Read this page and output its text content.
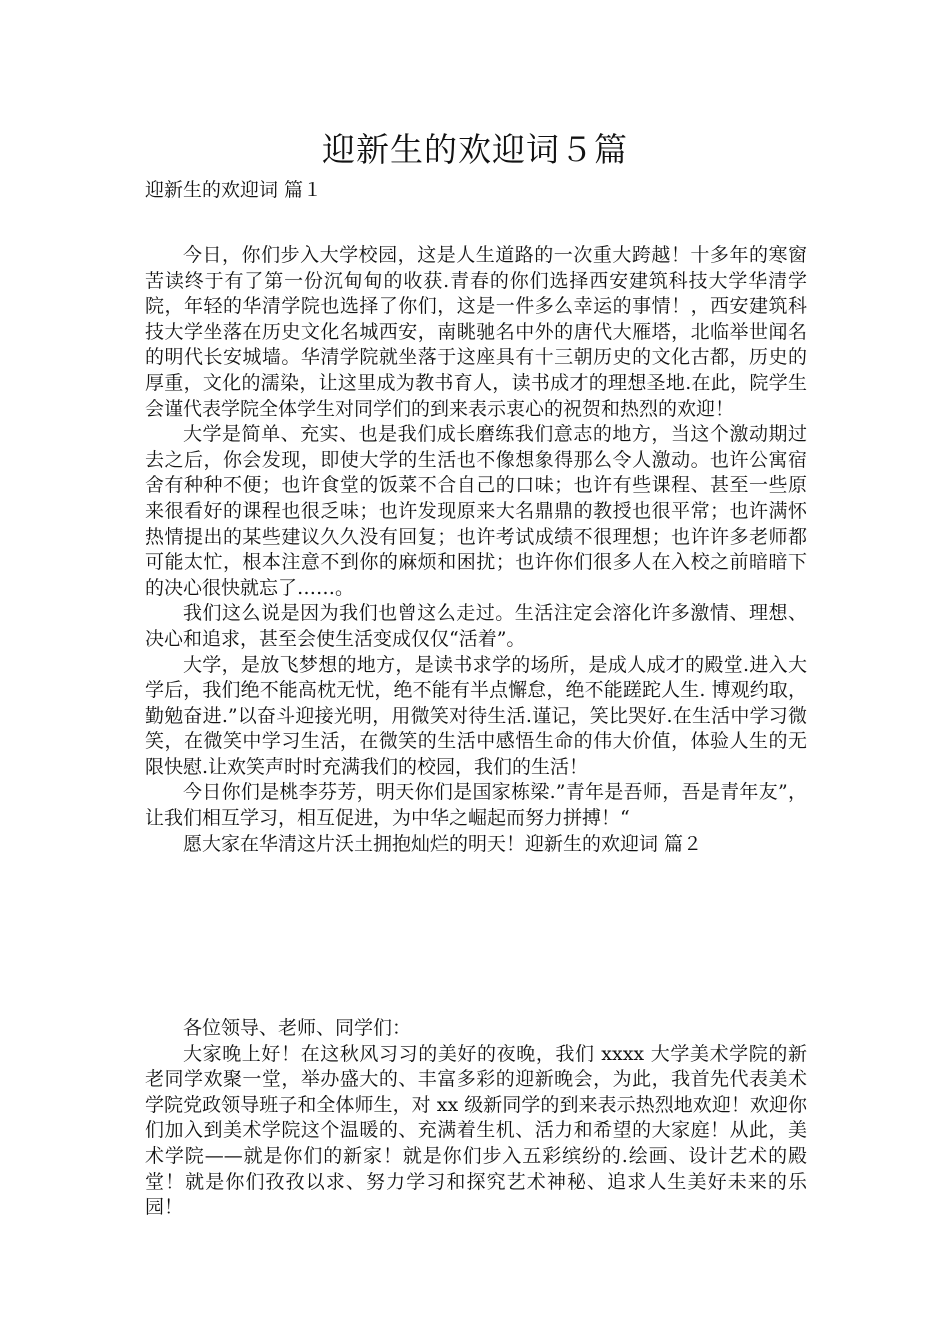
迎新生的欢迎词５篇
迎新生的欢迎词 篇１

今日，你们步入大学校园，这是人生道路的一次重大跨越！十多年的寒窗苦读终于有了第一份沉甸甸的收获.青春的你们选择西安建筑科技大学华清学院，年轻的华清学院也选择了你们，这是一件多么幸运的事情！，西安建筑科技大学坐落在历史文化名城西安，南眺驰名中外的唐代大雁塔，北临举世闻名的明代长安城墙。华清学院就坐落于这座具有十三朝历史的文化古都，历史的厚重，文化的濡染，让这里成为教书育人，读书成才的理想圣地.在此，院学生会谨代表学院全体学生对同学们的到来表示衷心的祝贺和热烈的欢迎！

大学是简单、充实、也是我们成长磨练我们意志的地方，当这个激动期过去之后，你会发现，即使大学的生活也不像想象得那么令人激动。也许公寓宿舍有种种不便；也许食堂的饭菜不合自己的口味；也许有些课程、甚至一些原来很看好的课程也很乏味；也许发现原来大名鼎鼎的教授也很平常；也许满怀热情提出的某些建议久久没有回复；也许考试成绩不很理想；也许许多老师都可能太忙，根本注意不到你的麻烦和困扰；也许你们很多人在入校之前暗暗下的决心很快就忘了……。

我们这么说是因为我们也曾这么走过。生活注定会溶化许多激情、理想、决心和追求，甚至会使生活变成仅仅“活着”。

大学，是放飞梦想的地方，是读书求学的场所，是成人成才的殿堂.进入大学后，我们绝不能高枕无忧，绝不能有半点懈怠，绝不能蹉跎人生. 博观约取，勤勉奋进.”以奋斗迎接光明，用微笑对待生活.谨记，笑比哭好.在生活中学习微笑，在微笑中学习生活，在微笑的生活中感悟生命的伟大价值，体验人生的无限快慰.让欢笑声时时充满我们的校园，我们的生活！

今日你们是桃李芬芳，明天你们是国家栋梁.”青年是吾师，吾是青年友”，让我们相互学习，相互促进，为中华之崛起而努力拼搏！“

愿大家在华清这片沃土拥抱灿烂的明天！迎新生的欢迎词 篇２

各位领导、老师、同学们：

大家晚上好！在这秋风习习的美好的夜晚，我们 xxxx 大学美术学院的新老同学欢聚一堂，举办盛大的、丰富多彩的迎新晚会，为此，我首先代表美术学院党政领导班子和全体师生，对 xx 级新同学的到来表示热烈地欢迎！欢迎你们加入到美术学院这个温暖的、充满着生机、活力和希望的大家庭！从此，美术学院——就是你们的新家！就是你们步入五彩缤纷的.绘画、设计艺术的殿堂！就是你们孜孜以求、努力学习和探究艺术神秘、追求人生美好未来的乐园！
